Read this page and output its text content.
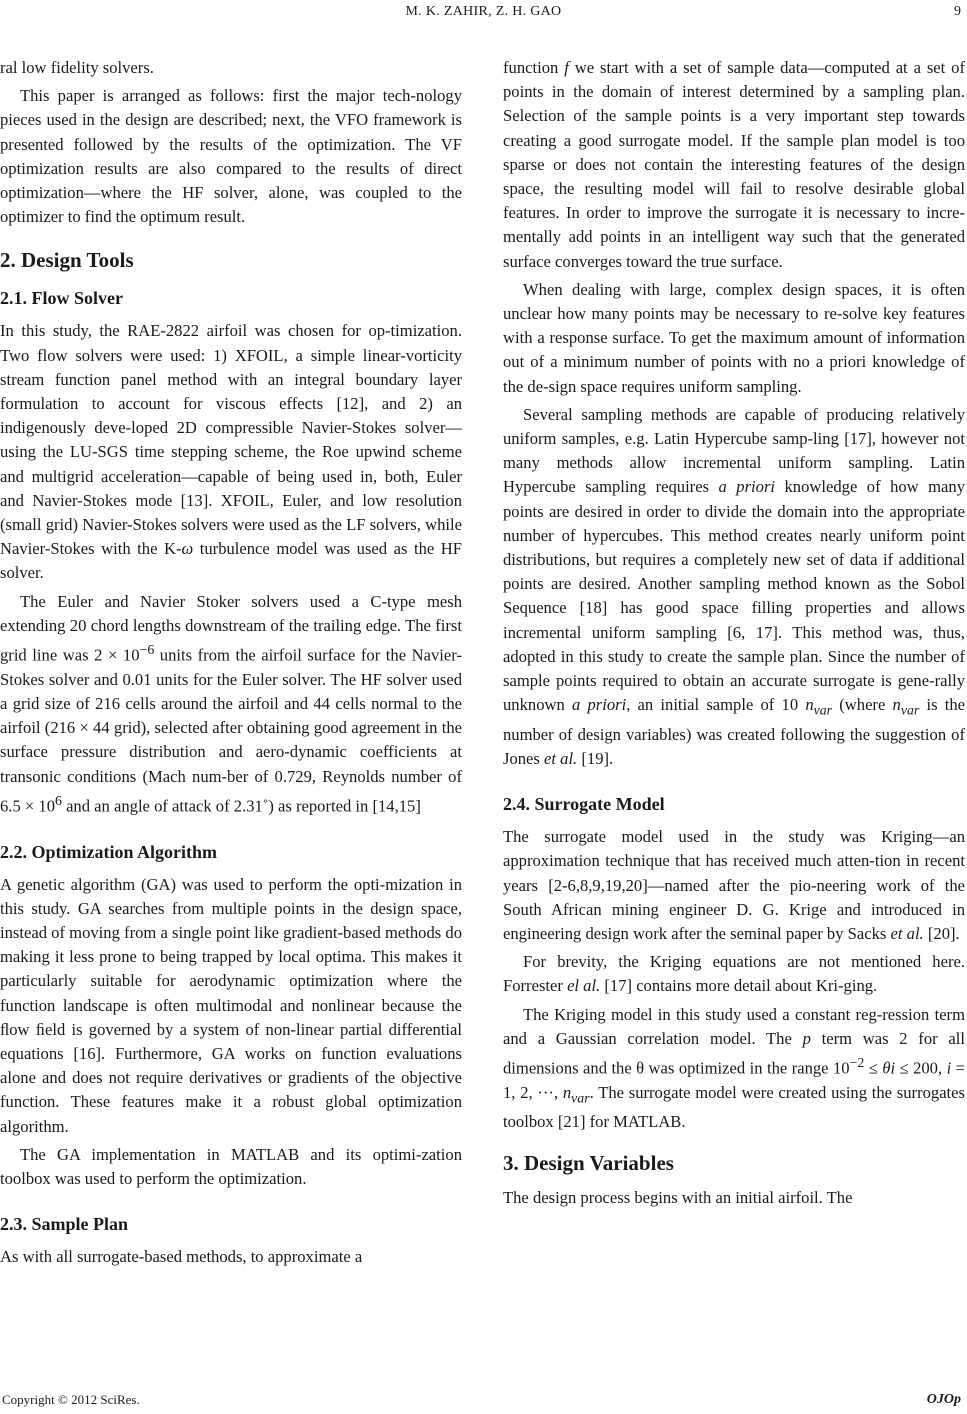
M. K. ZAHIR, Z. H. GAO	9

ral low fidelity solvers.

This paper is arranged as follows: first the major tech-nology pieces used in the design are described; next, the VFO framework is presented followed by the results of the optimization. The VF optimization results are also compared to the results of direct optimization—where the HF solver, alone, was coupled to the optimizer to find the optimum result.

2. Design Tools
2.1. Flow Solver

In this study, the RAE-2822 airfoil was chosen for op-timization. Two flow solvers were used: 1) XFOIL, a simple linear-vorticity stream function panel method with an integral boundary layer formulation to account for viscous effects [12], and 2) an indigenously deve-loped 2D compressible Navier-Stokes solver—using the LU-SGS time stepping scheme, the Roe upwind scheme and multigrid acceleration—capable of being used in, both, Euler and Navier-Stokes mode [13]. XFOIL, Euler, and low resolution (small grid) Navier-Stokes solvers were used as the LF solvers, while Navier-Stokes with the K-ω turbulence model was used as the HF solver.

The Euler and Navier Stoker solvers used a C-type mesh extending 20 chord lengths downstream of the trailing edge. The first grid line was $2 \times 10^{-6}$ units from the airfoil surface for the Navier-Stokes solver and 0.01 units for the Euler solver. The HF solver used a grid size of 216 cells around the airfoil and 44 cells normal to the airfoil (216 × 44 grid), selected after obtaining good agreement in the surface pressure distribution and aero-dynamic coefficients at transonic conditions (Mach num-ber of 0.729, Reynolds number of $6.5 \times 10^6$ and an angle of attack of 2.31˚) as reported in [14,15]

2.2. Optimization Algorithm

A genetic algorithm (GA) was used to perform the opti-mization in this study. GA searches from multiple points in the design space, instead of moving from a single point like gradient-based methods do making it less prone to being trapped by local optima. This makes it particularly suitable for aerodynamic optimization where the function landscape is often multimodal and nonlinear because the ﬂow ﬁeld is governed by a system of non-linear partial differential equations [16]. Furthermore, GA works on function evaluations alone and does not require derivatives or gradients of the objective function. These features make it a robust global optimization algorithm.

The GA implementation in MATLAB and its optimi-zation toolbox was used to perform the optimization.

2.3. Sample Plan

As with all surrogate-based methods, to approximate a

function f we start with a set of sample data—computed at a set of points in the domain of interest determined by a sampling plan. Selection of the sample points is a very important step towards creating a good surrogate model. If the sample plan model is too sparse or does not contain the interesting features of the design space, the resulting model will fail to resolve desirable global features. In order to improve the surrogate it is necessary to incre-mentally add points in an intelligent way such that the generated surface converges toward the true surface.

When dealing with large, complex design spaces, it is often unclear how many points may be necessary to re-solve key features with a response surface. To get the maximum amount of information out of a minimum number of points with no a priori knowledge of the de-sign space requires uniform sampling.

Several sampling methods are capable of producing relatively uniform samples, e.g. Latin Hypercube samp-ling [17], however not many methods allow incremental uniform sampling. Latin Hypercube sampling requires a priori knowledge of how many points are desired in order to divide the domain into the appropriate number of hypercubes. This method creates nearly uniform point distributions, but requires a completely new set of data if additional points are desired. Another sampling method known as the Sobol Sequence [18] has good space filling properties and allows incremental uniform sampling [6, 17]. This method was, thus, adopted in this study to create the sample plan. Since the number of sample points required to obtain an accurate surrogate is gene-rally unknown a priori, an initial sample of 10 $n_{var}$ (where $n_{var}$ is the number of design variables) was created following the suggestion of Jones et al. [19].

2.4. Surrogate Model

The surrogate model used in the study was Kriging—an approximation technique that has received much atten-tion in recent years [2-6,8,9,19,20]—named after the pio-neering work of the South African mining engineer D. G. Krige and introduced in engineering design work after the seminal paper by Sacks et al. [20].

For brevity, the Kriging equations are not mentioned here. Forrester el al. [17] contains more detail about Kri-ging.

The Kriging model in this study used a constant reg-ression term and a Gaussian correlation model. The p term was 2 for all dimensions and the θ was optimized in the range $10^{-2} \le \theta i \le 200$, i = 1, 2, ···, $n_{var}$. The surrogate model were created using the surrogates toolbox [21] for MATLAB.

3. Design Variables

The design process begins with an initial airfoil. The

Copyright © 2012 SciRes.	OJOp
